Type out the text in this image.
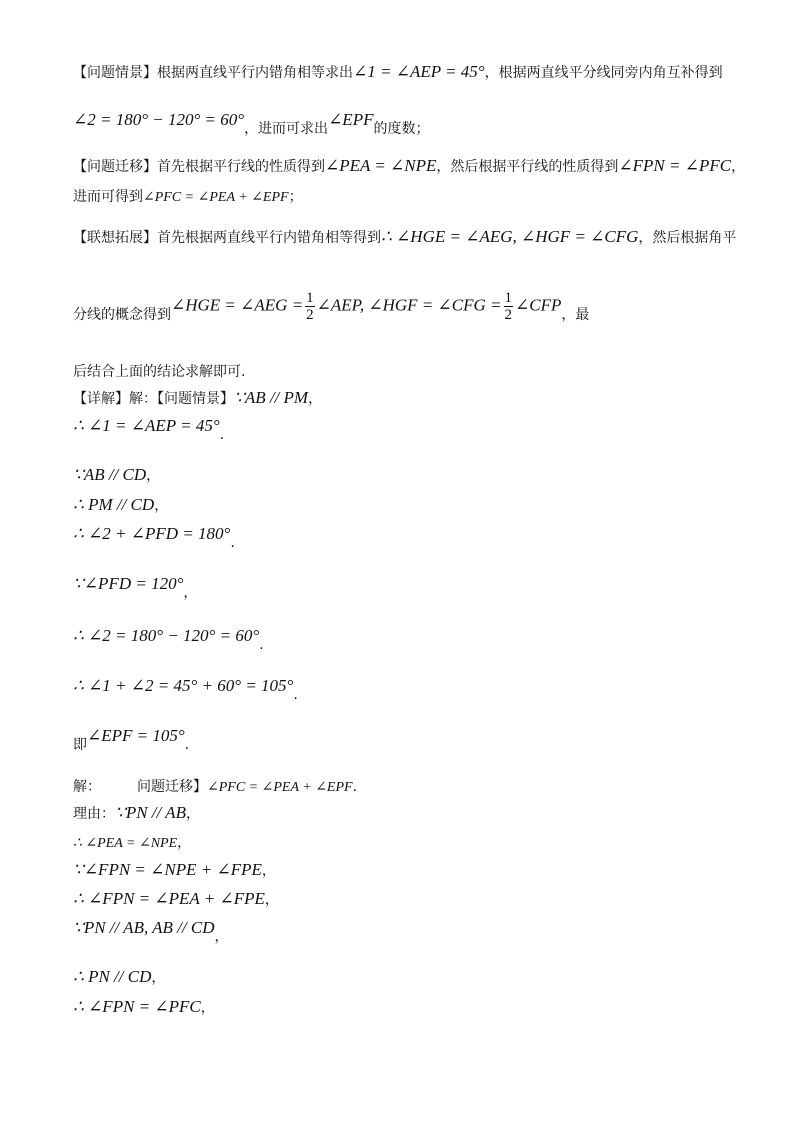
【问题情景】根据两直线平行内错角相等求出∠1 = ∠AEP = 45°，根据两直线平分线同旁内角互补得到
∠2 = 180° − 120° = 60°，进而可求出∠EPF的度数；
【问题迁移】首先根据平行线的性质得到∠PEA = ∠NPE，然后根据平行线的性质得到∠FPN = ∠PFC，
进而可得到∠PFC = ∠PEA + ∠EPF；
【联想拓展】首先根据两直线平行内错角相等得到∴ ∠HGE = ∠AEG, ∠HGF = ∠CFG，然后根据角平
分线的概念得到∠HGE = ∠AEG = $\frac{1}{2}$ ∠AEP, ∠HGF = ∠CFG = $\frac{1}{2}$ ∠CFP，最
后结合上面的结论求解即可.
【详解】解：【问题情景】∵AB // PM，
∴ ∠1 = ∠AEP = 45°.
∵AB // CD，
∴ PM // CD，
∴ ∠2 + ∠PFD = 180°.
∵∠PFD = 120°，
∴ ∠2 = 180° − 120° = 60°.
∴ ∠1 + ∠2 = 45° + 60° = 105°.
即∠EPF = 105°.
解：	问题迁移】∠PFC = ∠PEA + ∠EPF.
理由：∵PN // AB，
∴ ∠PEA = ∠NPE，
∵∠FPN = ∠NPE + ∠FPE，
∴ ∠FPN = ∠PEA + ∠FPE，
∵PN // AB, AB // CD，
∴ PN // CD，
∴ ∠FPN = ∠PFC，
